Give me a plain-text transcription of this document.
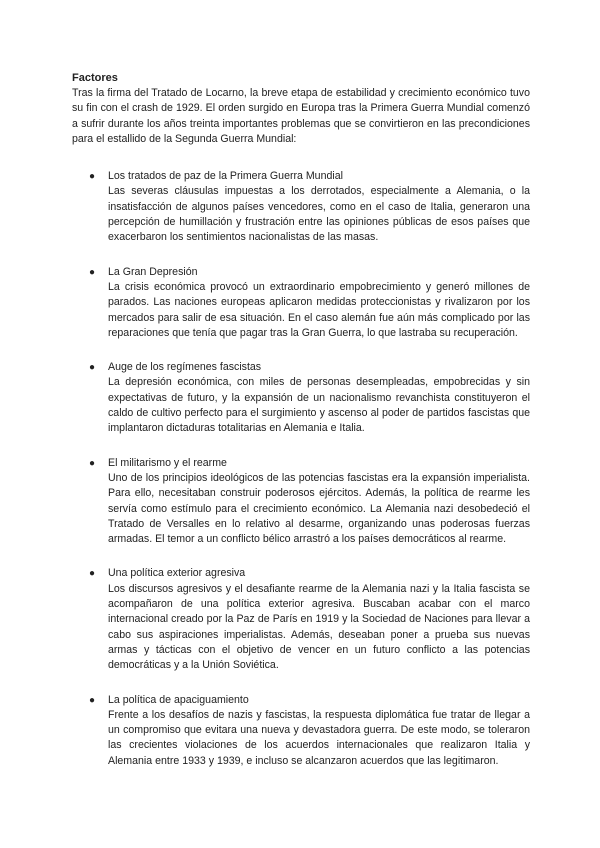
Factores

Tras la firma del Tratado de Locarno, la breve etapa de estabilidad y crecimiento económico tuvo su fin con el crash de 1929. El orden surgido en Europa tras la Primera Guerra Mundial comenzó a sufrir durante los años treinta importantes problemas que se convirtieron en las precondiciones para el estallido de la Segunda Guerra Mundial:

●	Los tratados de paz de la Primera Guerra Mundial
Las severas cláusulas impuestas a los derrotados, especialmente a Alemania, o la insatisfacción de algunos países vencedores, como en el caso de Italia, generaron una percepción de humillación y frustración entre las opiniones públicas de esos países que exacerbaron los sentimientos nacionalistas de las masas.
●	La Gran Depresión
La crisis económica provocó un extraordinario empobrecimiento y generó millones de parados. Las naciones europeas aplicaron medidas proteccionistas y rivalizaron por los mercados para salir de esa situación. En el caso alemán fue aún más complicado por las reparaciones que tenía que pagar tras la Gran Guerra, lo que lastraba su recuperación.
●	Auge de los regímenes fascistas
La depresión económica, con miles de personas desempleadas, empobrecidas y sin expectativas de futuro, y la expansión de un nacionalismo revanchista constituyeron el caldo de cultivo perfecto para el surgimiento y ascenso al poder de partidos fascistas que implantaron dictaduras totalitarias en Alemania e Italia.
●	El militarismo y el rearme
Uno de los principios ideológicos de las potencias fascistas era la expansión imperialista. Para ello, necesitaban construir poderosos ejércitos. Además, la política de rearme les servía como estímulo para el crecimiento económico. La Alemania nazi desobedeció el Tratado de Versalles en lo relativo al desarme, organizando unas poderosas fuerzas armadas. El temor a un conflicto bélico arrastró a los países democráticos al rearme.
●	Una política exterior agresiva
Los discursos agresivos y el desafiante rearme de la Alemania nazi y la Italia fascista se acompañaron de una política exterior agresiva. Buscaban acabar con el marco internacional creado por la Paz de París en 1919 y la Sociedad de Naciones para llevar a cabo sus aspiraciones imperialistas. Además, deseaban poner a prueba sus nuevas armas y tácticas con el objetivo de vencer en un futuro conflicto a las potencias democráticas y a la Unión Soviética.
●	La política de apaciguamiento
Frente a los desafíos de nazis y fascistas, la respuesta diplomática fue tratar de llegar a un compromiso que evitara una nueva y devastadora guerra. De este modo, se toleraron las crecientes violaciones de los acuerdos internacionales que realizaron Italia y Alemania entre 1933 y 1939, e incluso se alcanzaron acuerdos que las legitimaron.
